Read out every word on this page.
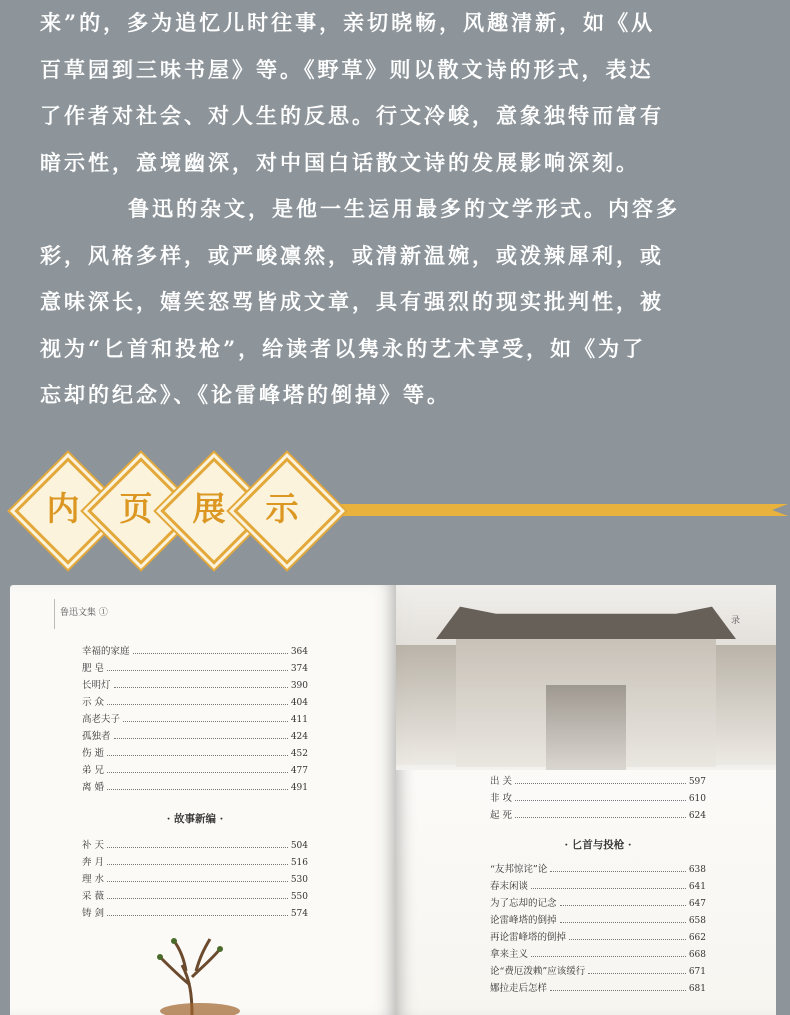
来”的，多为追忆儿时往事，亲切晓畅，风趣清新，如《从
百草园到三味书屋》等。《野草》则以散文诗的形式，表达
了作者对社会、对人生的反思。行文冷峻，意象独特而富有
暗示性，意境幽深，对中国白话散文诗的发展影响深刻。

鲁迅的杂文，是他一生运用最多的文学形式。内容多
彩，风格多样，或严峻凛然，或清新温婉，或泼辣犀利，或
意味深长，嬉笑怒骂皆成文章，具有强烈的现实批判性，被
视为“匕首和投枪”，给读者以隽永的艺术享受，如《为了
忘却的纪念》、《论雷峰塔的倒掉》等。

内	页	展	示
鲁迅文集 ①
幸福的家庭	364
肥 皂	374
长明灯	390
示 众	404
高老夫子	411
孤独者	424
伤 逝	452
弟 兄	477
离 婚	491
· 故事新编 ·
补 天	504
奔 月	516
理 水	530
采 薇	550
铸 剑	574
录
出 关	597
非 攻	610
起 死	624
· 匕首与投枪 ·
“友邦惊诧”论	638
春末闲谈	641
为了忘却的记念	647
论雷峰塔的倒掉	658
再论雷峰塔的倒掉	662
拿来主义	668
论“费厄泼赖”应该缓行	671
娜拉走后怎样	681
